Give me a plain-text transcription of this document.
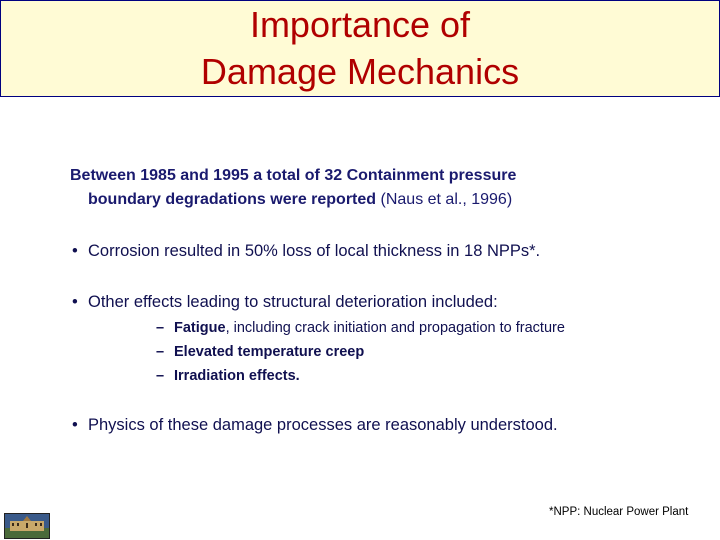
Importance of
Damage Mechanics
Between 1985 and 1995 a total of 32 Containment pressure
boundary degradations were reported (Naus et al., 1996)
• Corrosion resulted in 50% loss of local thickness in 18 NPPs*.
• Other effects leading to structural deterioration included:
– Fatigue, including crack initiation and propagation to fracture
– Elevated temperature creep
– Irradiation effects.
• Physics of these damage processes are reasonably understood.
*NPP: Nuclear Power Plant
